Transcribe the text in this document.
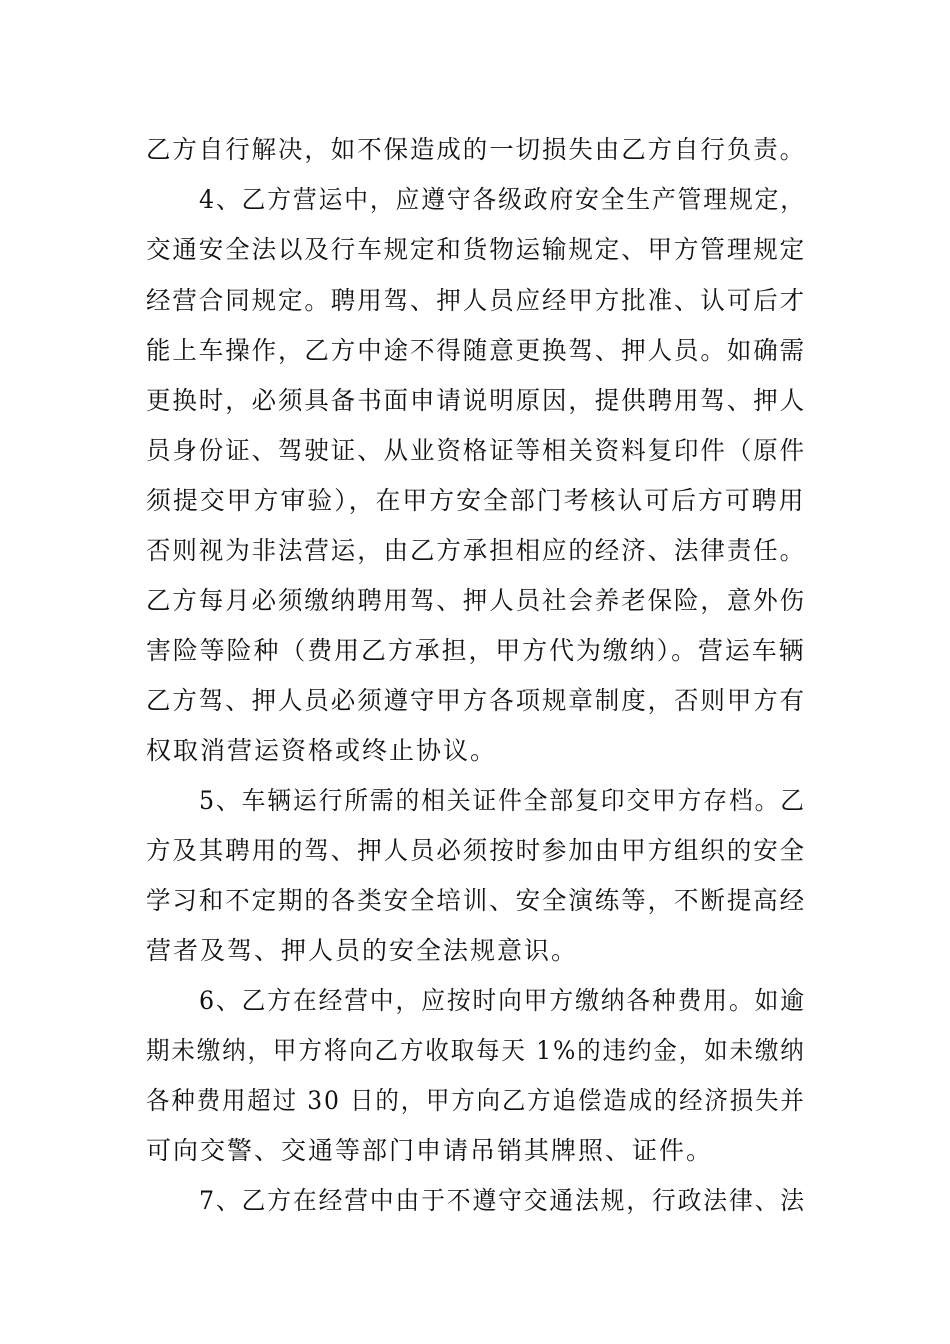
乙方自行解决，如不保造成的一切损失由乙方自行负责。
4、乙方营运中，应遵守各级政府安全生产管理规定，
交通安全法以及行车规定和货物运输规定、甲方管理规定
经营合同规定。聘用驾、押人员应经甲方批准、认可后才
能上车操作，乙方中途不得随意更换驾、押人员。如确需
更换时，必须具备书面申请说明原因，提供聘用驾、押人
员身份证、驾驶证、从业资格证等相关资料复印件（原件
须提交甲方审验），在甲方安全部门考核认可后方可聘用
否则视为非法营运，由乙方承担相应的经济、法律责任。
乙方每月必须缴纳聘用驾、押人员社会养老保险，意外伤
害险等险种（费用乙方承担，甲方代为缴纳）。营运车辆
乙方驾、押人员必须遵守甲方各项规章制度，否则甲方有
权取消营运资格或终止协议。
5、车辆运行所需的相关证件全部复印交甲方存档。乙
方及其聘用的驾、押人员必须按时参加由甲方组织的安全
学习和不定期的各类安全培训、安全演练等，不断提高经
营者及驾、押人员的安全法规意识。
6、乙方在经营中，应按时向甲方缴纳各种费用。如逾
期未缴纳，甲方将向乙方收取每天 1%的违约金，如未缴纳
各种费用超过 30 日的，甲方向乙方追偿造成的经济损失并
可向交警、交通等部门申请吊销其牌照、证件。
7、乙方在经营中由于不遵守交通法规，行政法律、法
